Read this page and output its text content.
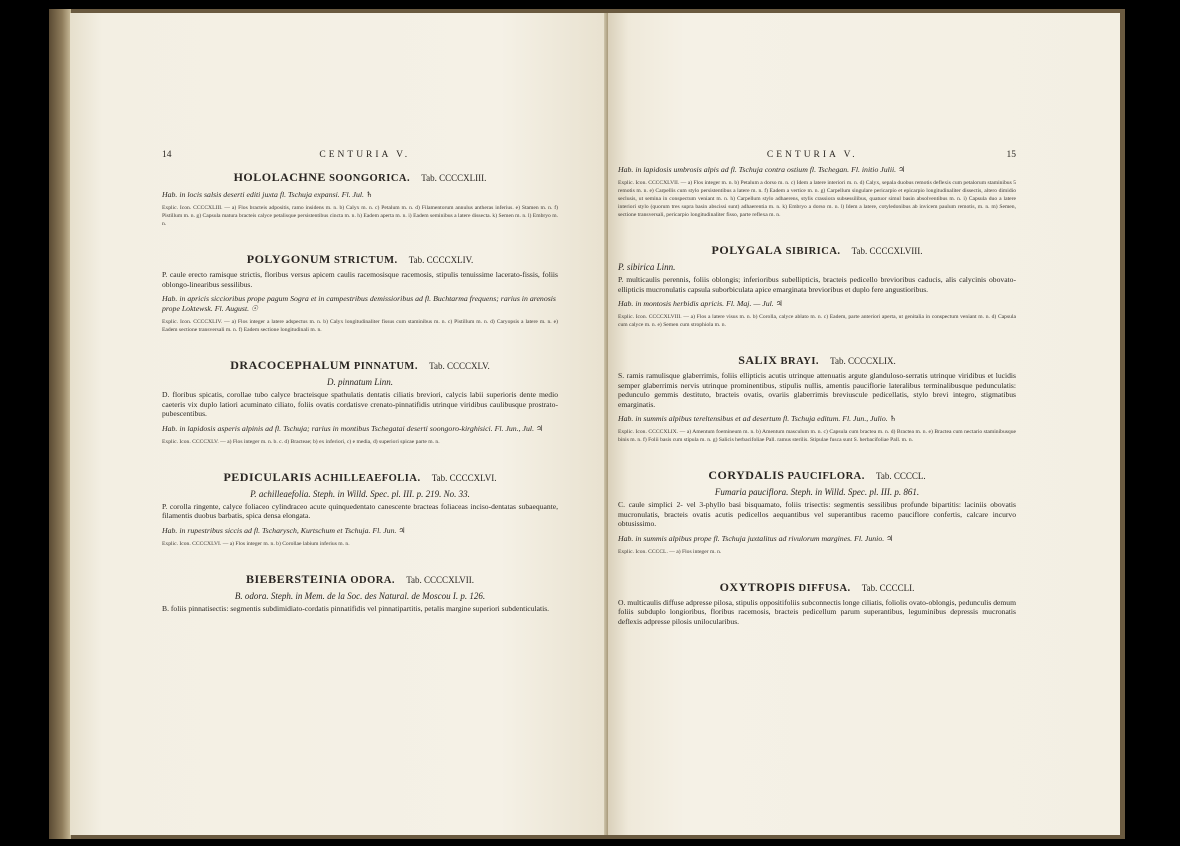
14	CENTURIA V.
HOLOLACHNE SOONGORICA. Tab. CCCCXLIII.
Hab. in locis salsis deserti editi juxta fl. Tschuja expansi. Fl. Jul. ♄
Explic. Icon. CCCCXLIII. — a) Flos bracteis adpositis, ramo insidens m. n. b) Calyx m. n. c) Petalum m. n. d) Filamentorum annulus antheras inferius. e) Stamen m. n. f) Pistillum m. n. g) Capsula matura bracteis calyce petalisque persistentibus cincta m. n. h) Eadem aperta m. n. i) Eadem seminibus a latere dissecta. k) Semen m. n. l) Embryo m. n.
POLYGONUM STRICTUM. Tab. CCCCXLIV.
P. caule erecto ramisque strictis, floribus versus apicem caulis racemosisque racemosis, stipulis tenuissime lacerato-fissis, foliis oblongo-linearibus sessilibus.
Hab. in apricis siccioribus prope pagum Sogra et in campestribus demissioribus ad fl. Buchtarma frequens; rarius in arenosis prope Loktewsk. Fl. August. ☉
Explic. Icon. CCCCXLIV. — a) Flos integer a latere adspectus m. n. b) Calyx longitudinaliter fissus cum staminibus m. n. c) Pistillum m. n. d) Caryopsis a latere m. n. e) Eadem sectione transversali m. n. f) Eadem sectione longitudinali m. n.
DRACOCEPHALUM PINNATUM. Tab. CCCCXLV.
D. pinnatum Linn.
D. floribus spicatis, corollae tubo calyce bracteisque spathulatis dentatis ciliatis breviori, calycis labii superioris dente medio caeteris vix duplo latiori acuminato ciliato, foliis ovatis cordatisve crenato-pinnatifidis utrinque viridibus caulibusque prostrato-pubescentibus.
Hab. in lapidosis asperis alpinis ad fl. Tschuja; rarius in montibus Tschegatai deserti soongoro-kirghisici. Fl. Jun., Jul. ♃
Explic. Icon. CCCCXLV. — a) Flos integer m. n. b. c. d) Bracteae; b) ex inferiori, c) e media, d) superiori spicae parte m. n.
PEDICULARIS ACHILLEAEFOLIA. Tab. CCCCXLVI.
P. achilleaefolia. Steph. in Willd. Spec. pl. III. p. 219. No. 33.
P. corolla ringente, calyce foliaceo cylindraceo acute quinquedentato canescente bracteas foliaceas inciso-dentatas subaequante, filamentis duobus barbatis, spica densa elongata.
Hab. in rupestribus siccis ad fl. Tscharysch, Kurtschum et Tschuja. Fl. Jun. ♃
Explic. Icon. CCCCXLVI. — a) Flos integer m. n. b) Corollae labium inferius m. n.
BIEBERSTEINIA ODORA. Tab. CCCCXLVII.
B. odora. Steph. in Mem. de la Soc. des Natural. de Moscou I. p. 126.
B. foliis pinnatisectis: segmentis subdimidiato-cordatis pinnatifidis vel pinnatipartitis, petalis margine superiori subdenticulatis.
CENTURIA V.	15
Hab. in lapidosis umbrosis alpis ad fl. Tschuja contra ostium fl. Tschegan. Fl. initio Julii. ♃
Explic. Icon. CCCCXLVII. — a) Flos integer m. n. b) Petalum a dorso m. n. c) Idem a latere interiori m. n. d) Calyx, sepala duobus remotis deflexis cum petalorum staminibus 5 remotis m. n. e) Carpellis cum stylo persistentibus a latere m. n. f) Eadem a vertice m. n. g) Carpellum singulare pericarpio et epicarpio longitudinaliter dissectis, altero dimidio seclusis, ut semina in conspectum veniant m. n. h) Carpellum stylo adhaerens, stylis crassiora subsessilibus, quatuor simul basin absolventibus m. n. i) Capsula duo a latere interiori stylo (quorum tres supra basin abscissi sunt) adhaerentia m. n. k) Embryo a dorso m. n. l) Idem a latere, cotyledonibus ab invicem paulum remotis, m. n. m) Semen, sectione transversali, pericarpio longitudinaliter fisso, parte reflexa m. n.
POLYGALA SIBIRICA. Tab. CCCCXLVIII.
P. sibirica Linn.
P. multicaulis perennis, foliis oblongis; inferioribus subellipticis, bracteis pedicello brevioribus caducis, alis calycinis obovato-ellipticis mucronulatis capsula suborbiculata apice emarginata brevioribus et duplo fere angustioribus.
Hab. in montosis herbidis apricis. Fl. Maj. — Jul. ♃
Explic. Icon. CCCCXLVIII. — a) Flos a latere visus m. n. b) Corolla, calyce ablato m. n. c) Eadem, parte anteriori aperta, ut genitalia in conspectum veniant m. n. d) Capsula cum calyce m. n. e) Semen cum strophiola m. n.
SALIX BRAYI. Tab. CCCCXLIX.
S. ramis ramulisque glaberrimis, foliis ellipticis acutis utrinque attenuatis argute glanduloso-serratis utrinque viridibus et lucidis semper glaberrimis nervis utrinque prominentibus, stipulis nullis, amentis pauciflorie lateralibus terminalibusque pedunculatis: pedunculo gemmis destituto, bracteis ovatis, ovariis glaberrimis breviuscule pedicellatis, stylo brevi integro, stigmatibus emarginatis.
Hab. in summis alpibus tereltensibus et ad desertum fl. Tschuja editum. Fl. Jun., Julio. ♄
Explic. Icon. CCCCXLIX. — a) Amentum foemineum m. n. b) Amentum masculum m. n. c) Capsula cum bractea m. n. d) Bractea m. n. e) Bractea cum nectario staminibusque binis m. n. f) Folii basis cum stipula m. n. g) Salicis herbacifoliae Pall. ramus sterilis. Stipulae fusca sunt S. herbacifoliae Pall. m. n.
CORYDALIS PAUCIFLORA. Tab. CCCCL.
Fumaria pauciflora. Steph. in Willd. Spec. pl. III. p. 861.
C. caule simplici 2- vel 3-phyllo basi bisquamato, foliis trisectis: segmentis sessilibus profunde bipartitis: laciniis obovatis mucronulatis, bracteis ovatis acutis pedicellos aequantibus vel superantibus racemo pauciflore confertis, calcare incurvo obtusissimo.
Hab. in summis alpibus prope fl. Tschuja juxtalitus ad rivulorum margines. Fl. Junio. ♃
Explic. Icon. CCCCL. — a) Flos integer m. n.
OXYTROPIS DIFFUSA. Tab. CCCCLI.
O. multicaulis diffuse adpresse pilosa, stipulis oppositifoliis subconnectis longe ciliatis, foliolis ovato-oblongis, pedunculis demum foliis subduplo longioribus, floribus racemosis, bracteis pedicellum parum superantibus, leguminibus depressis mucronatis deflexis adpresse pilosis unilocularibus.
